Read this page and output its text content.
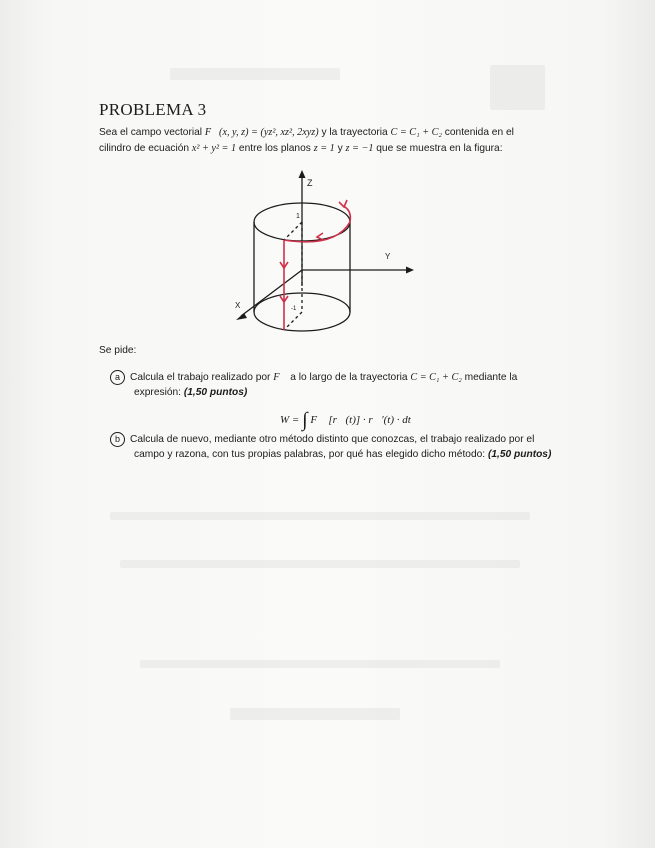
PROBLEMA 3
Sea el campo vectorial F⃗(x, y, z) = (yz², xz², 2xyz) y la trayectoria C = C₁ + C₂ contenida en el
cilindro de ecuación x² + y² = 1 entre los planos z = 1 y z = −1 que se muestra en la figura:
Z
Y
X
1
-1
Se pide:
a Calcula el trabajo realizado por F⃗ a lo largo de la trayectoria C = C₁ + C₂ mediante la
expresión: (1,50 puntos)
W = ∫ F⃗ [r⃗(t)] · r⃗′(t) · dt
b Calcula de nuevo, mediante otro método distinto que conozcas, el trabajo realizado por el
campo y razona, con tus propias palabras, por qué has elegido dicho método: (1,50 puntos)
